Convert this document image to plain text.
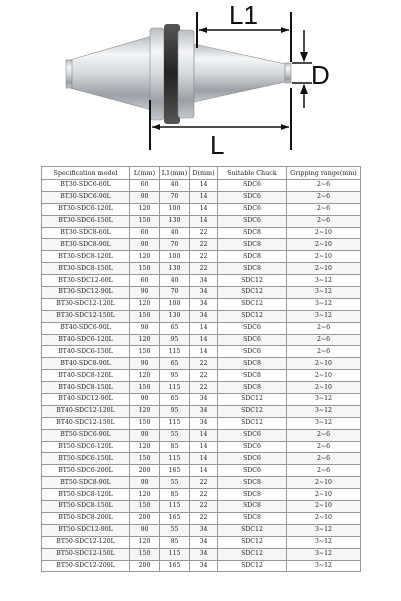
L1
D
L
Specification model	L(mm)	L1(mm)	D(mm)	Suitable Chuck	Gripping range(mm)
BT30-SDC6-60L	60	40	14	SDC6	2~6
BT30-SDC6-90L	90	70	14	SDC6	2~6
BT30-SDC6-120L	120	100	14	SDC6	2~6
BT30-SDC6-150L	150	130	14	SDC6	2~6
BT30-SDC8-60L	60	40	22	SDC8	2~10
BT30-SDC8-90L	90	70	22	SDC8	2~10
BT30-SDC8-120L	120	100	22	SDC8	2~10
BT30-SDC8-150L	150	130	22	SDC8	2~10
BT30-SDC12-60L	60	40	34	SDC12	3~12
BT30-SDC12-90L	90	70	34	SDC12	3~12
BT30-SDC12-120L	120	100	34	SDC12	3~12
BT30-SDC12-150L	150	130	34	SDC12	3~12
BT40-SDC6-90L	90	65	14	SDC6	2~6
BT40-SDC6-120L	120	95	14	SDC6	2~6
BT40-SDC6-150L	150	115	14	SDC6	2~6
BT40-SDC8-90L	90	65	22	SDC8	2~10
BT40-SDC8-120L	120	95	22	SDC8	2~10
BT40-SDC8-150L	150	115	22	SDC8	2~10
BT40-SDC12-90L	90	65	34	SDC12	3~12
BT40-SDC12-120L	120	95	34	SDC12	3~12
BT40-SDC12-150L	150	115	34	SDC12	3~12
BT50-SDC6-90L	90	55	14	SDC6	2~6
BT50-SDC6-120L	120	85	14	SDC6	2~6
BT50-SDC6-150L	150	115	14	SDC6	2~6
BT50-SDC6-200L	200	165	14	SDC6	2~6
BT50-SDC8-90L	90	55	22	SDC8	2~10
BT50-SDC8-120L	120	85	22	SDC8	2~10
BT50-SDC8-150L	150	115	22	SDC8	2~10
BT50-SDC8-200L	200	165	22	SDC8	2~10
BT50-SDC12-90L	90	55	34	SDC12	3~12
BT50-SDC12-120L	120	85	34	SDC12	3~12
BT50-SDC12-150L	150	115	34	SDC12	3~12
BT50-SDC12-200L	200	165	34	SDC12	3~12
